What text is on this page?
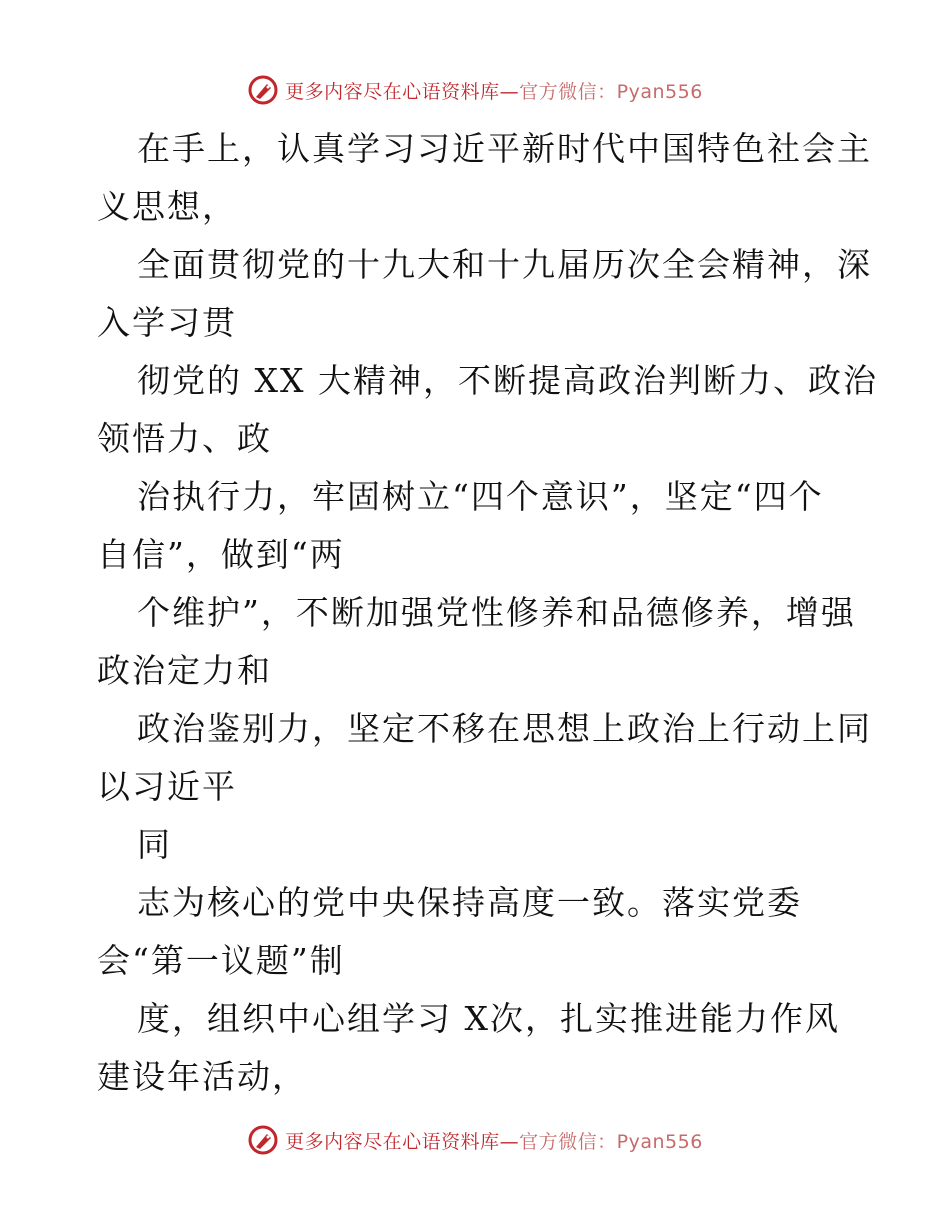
更多内容尽在心语资料库—官方微信：Pyan556
在手上，认真学习习近平新时代中国特色社会主
义思想，
全面贯彻党的十九大和十九届历次全会精神，深
入学习贯
彻党的 XX 大精神，不断提高政治判断力、政治
领悟力、政
治执行力，牢固树立“四个意识”，坚定“四个
自信”，做到“两
个维护”，不断加强党性修养和品德修养，增强
政治定力和
政治鉴别力，坚定不移在思想上政治上行动上同
以习近平
同
志为核心的党中央保持高度一致。落实党委
会“第一议题”制
度，组织中心组学习 X次，扎实推进能力作风
建设年活动，
更多内容尽在心语资料库—官方微信：Pyan556
